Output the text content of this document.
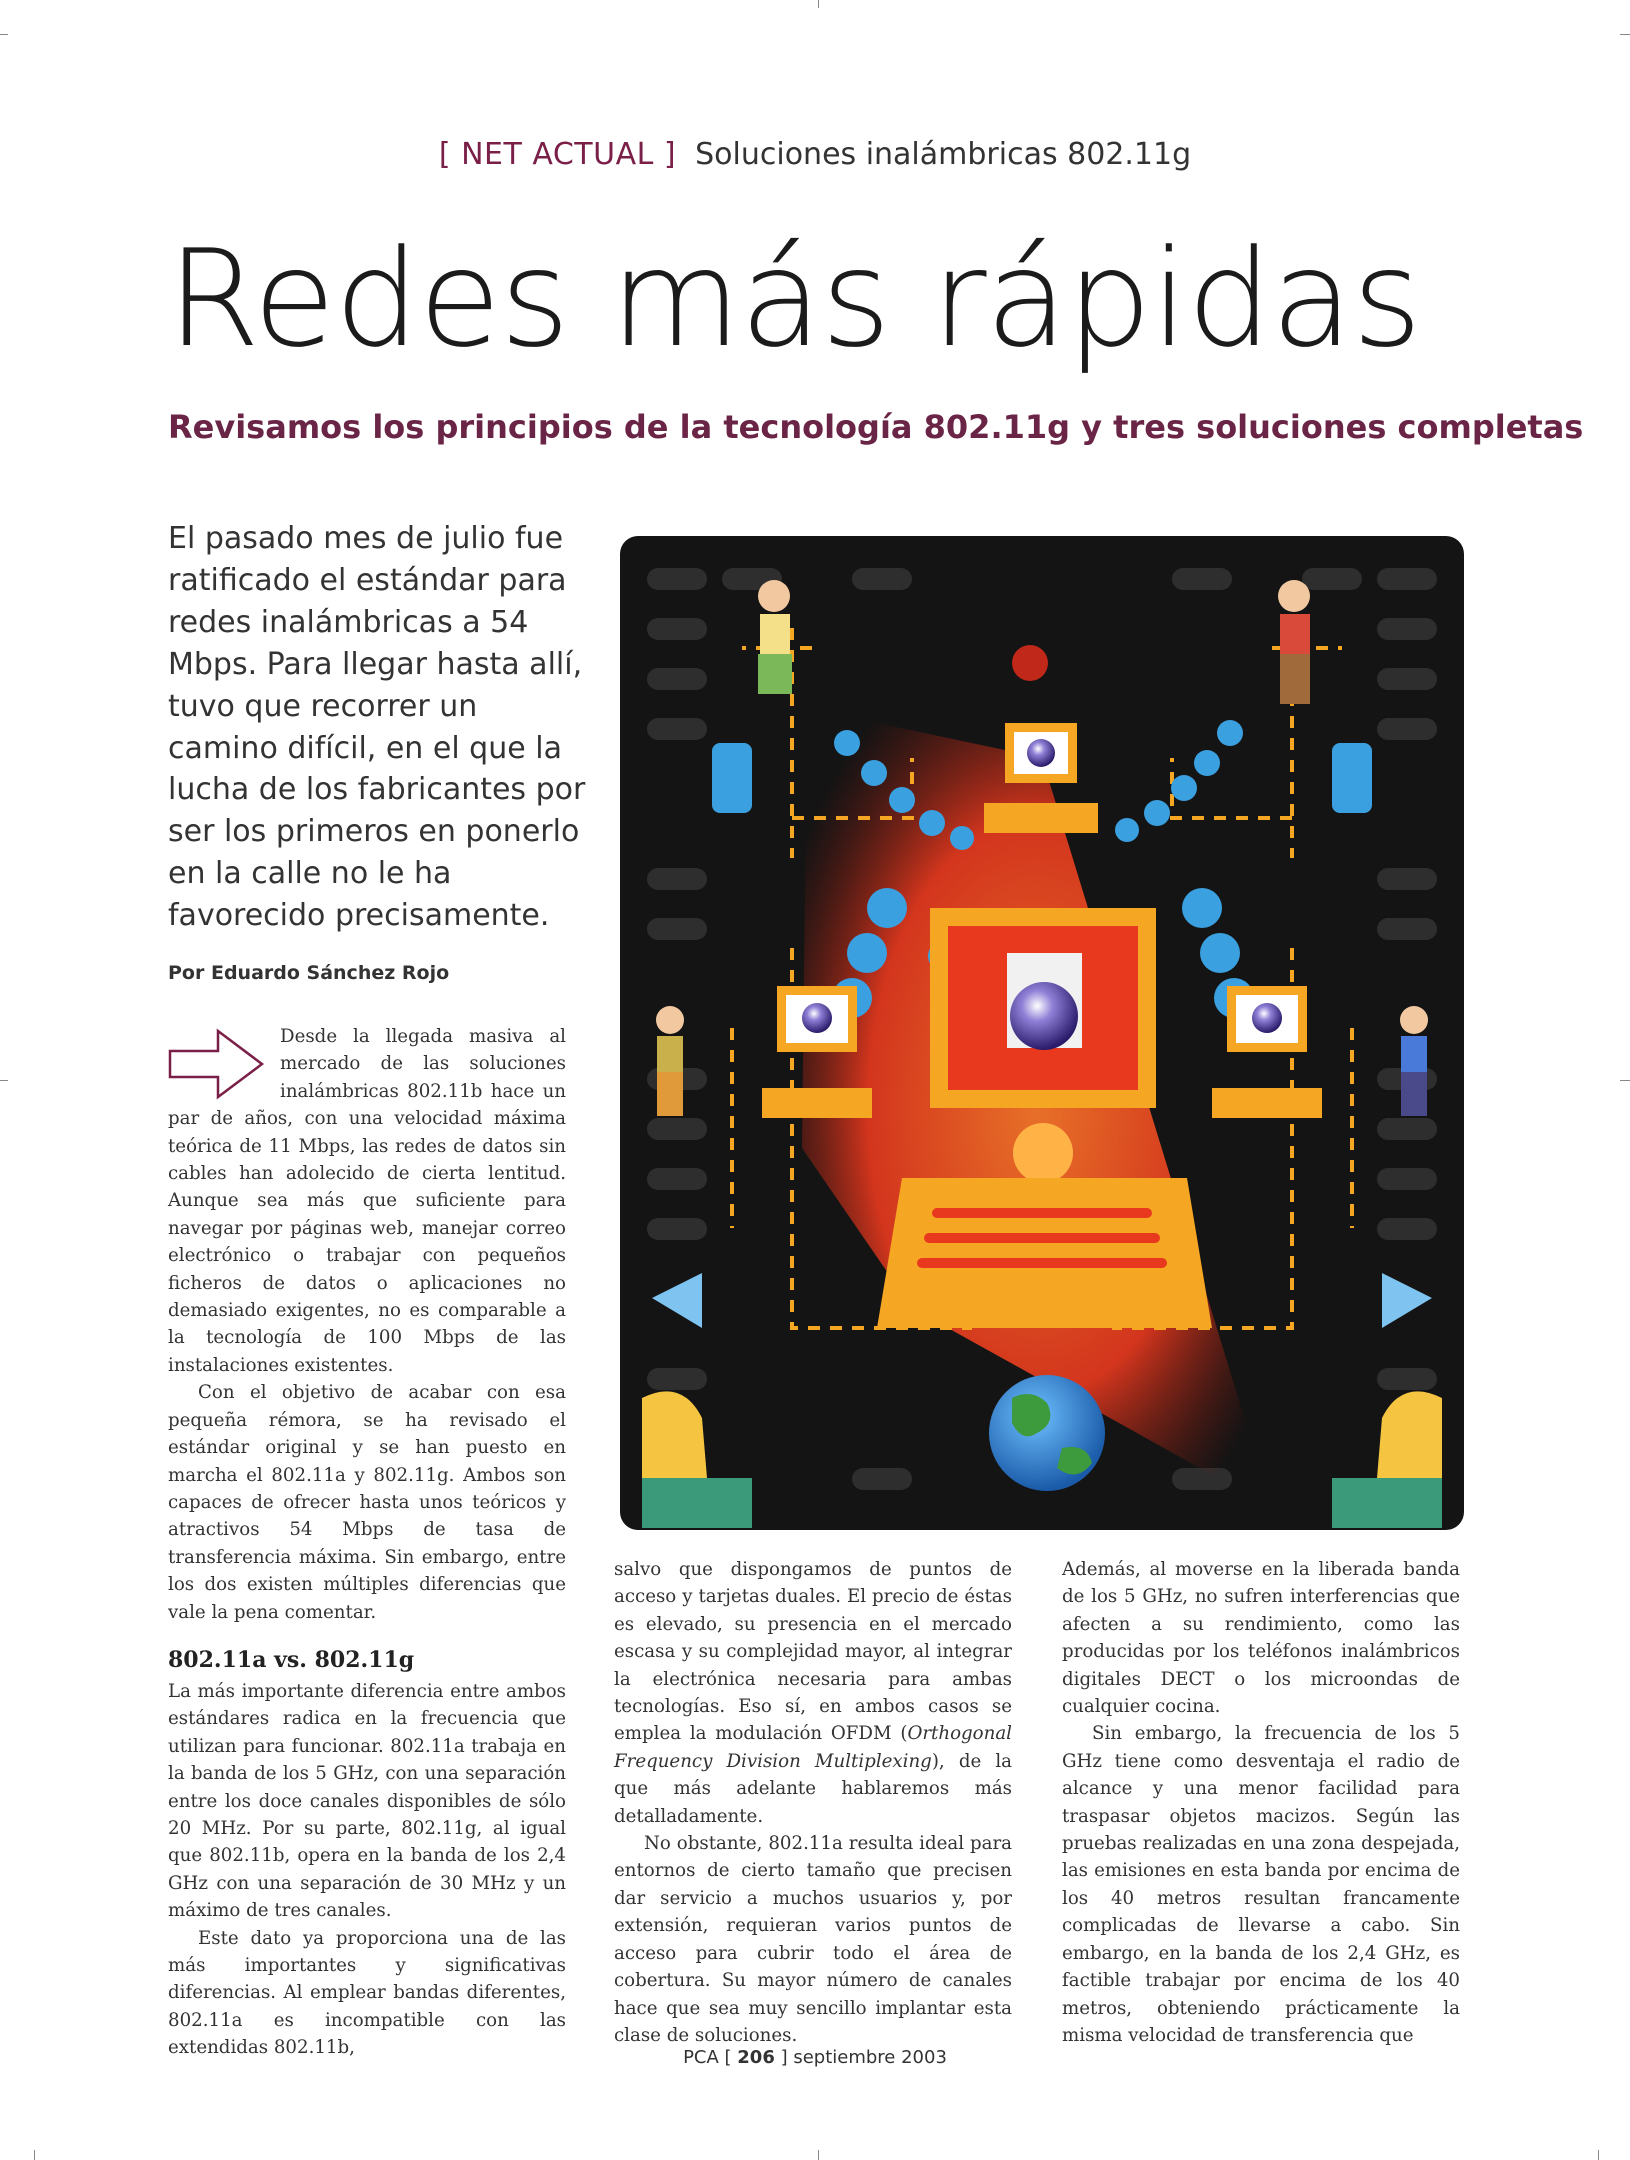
[ NET ACTUAL ] Soluciones inalámbricas 802.11g
Redes más rápidas
Revisamos los principios de la tecnología 802.11g y tres soluciones completas
El pasado mes de julio fue ratificado el estándar para redes inalámbricas a 54 Mbps. Para llegar hasta allí, tuvo que recorrer un camino difícil, en el que la lucha de los fabricantes por ser los primeros en ponerlo en la calle no le ha favorecido precisamente.
Por Eduardo Sánchez Rojo

Desde la llegada masiva al mercado de las soluciones inalámbricas 802.11b hace un par de años, con una velocidad máxima teórica de 11 Mbps, las redes de datos sin cables han adolecido de cierta lentitud. Aunque sea más que suficiente para navegar por páginas web, manejar correo electrónico o trabajar con pequeños ficheros de datos o aplicaciones no demasiado exigentes, no es comparable a la tecnología de 100 Mbps de las instalaciones existentes.

Con el objetivo de acabar con esa pequeña rémora, se ha revisado el estándar original y se han puesto en marcha el 802.11a y 802.11g. Ambos son capaces de ofrecer hasta unos teóricos y atractivos 54 Mbps de tasa de transferencia máxima. Sin embargo, entre los dos existen múltiples diferencias que vale la pena comentar.

802.11a vs. 802.11g

La más importante diferencia entre ambos estándares radica en la frecuencia que utilizan para funcionar. 802.11a trabaja en la banda de los 5 GHz, con una separación entre los doce canales disponibles de sólo 20 MHz. Por su parte, 802.11g, al igual que 802.11b, opera en la banda de los 2,4 GHz con una separación de 30 MHz y un máximo de tres canales.

Este dato ya proporciona una de las más importantes y significativas diferencias. Al emplear bandas diferentes, 802.11a es incompatible con las extendidas 802.11b,

salvo que dispongamos de puntos de acceso y tarjetas duales. El precio de éstas es elevado, su presencia en el mercado escasa y su complejidad mayor, al integrar la electrónica necesaria para ambas tecnologías. Eso sí, en ambos casos se emplea la modulación OFDM (Orthogonal Frequency Division Multiplexing), de la que más adelante hablaremos más detalladamente.

No obstante, 802.11a resulta ideal para entornos de cierto tamaño que precisen dar servicio a muchos usuarios y, por extensión, requieran varios puntos de acceso para cubrir todo el área de cobertura. Su mayor número de canales hace que sea muy sencillo implantar esta clase de soluciones.

Además, al moverse en la liberada banda de los 5 GHz, no sufren interferencias que afecten a su rendimiento, como las producidas por los teléfonos inalámbricos digitales DECT o los microondas de cualquier cocina.

Sin embargo, la frecuencia de los 5 GHz tiene como desventaja el radio de alcance y una menor facilidad para traspasar objetos macizos. Según las pruebas realizadas en una zona despejada, las emisiones en esta banda por encima de los 40 metros resultan francamente complicadas de llevarse a cabo. Sin embargo, en la banda de los 2,4 GHz, es factible trabajar por encima de los 40 metros, obteniendo prácticamente la misma velocidad de transferencia que

PCA [ 206 ] septiembre 2003
